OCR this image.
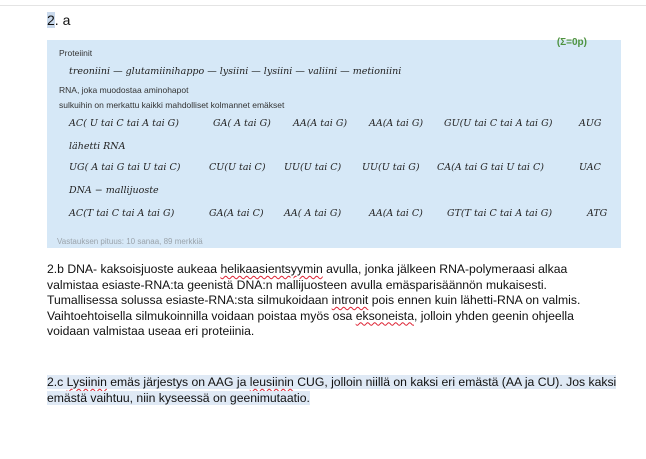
2. a
(Σ=0p)
Proteiinit
treoniini — glutamiinihappo — lysiini — lysiini — valiini — metioniini
RNA, joka muodostaa aminohapot
sulkuihin on merkattu kaikki mahdolliset kolmannet emäkset
AC( U tai C tai A tai G)	GA( A tai G) AA(A tai G) AA(A tai G) GU(U tai C tai A tai G)	AUG
lähetti RNA
UG( A tai G tai U tai C)	CU(U tai C) UU(U tai C) UU(U tai G) CA(A tai G tai U tai C)	UAC
DNA − mallijuoste
AC(T tai C tai A tai G)	GA(A tai C) AA( A tai G)	AA(A tai C)	GT(T tai C tai A tai G)	ATG
Vastauksen pituus: 10 sanaa, 89 merkkiä
2.b DNA- kaksoisjuoste aukeaa helikaasientsyymin avulla, jonka jälkeen RNA-polymeraasi alkaa valmistaa esiaste-RNA:ta geenistä DNA:n mallijuosteen avulla emäsparisäännön mukaisesti. Tumallisessa solussa esiaste-RNA:sta silmukoidaan intronit pois ennen kuin lähetti-RNA on valmis. Vaihtoehtoisella silmukoinnilla voidaan poistaa myös osa eksoneista, jolloin yhden geenin ohjeella voidaan valmistaa useaa eri proteiinia.
2.c Lysiinin emäs järjestys on AAG ja leusiinin CUG, jolloin niillä on kaksi eri emästä (AA ja CU). Jos kaksi emästä vaihtuu, niin kyseessä on geenimutaatio.
